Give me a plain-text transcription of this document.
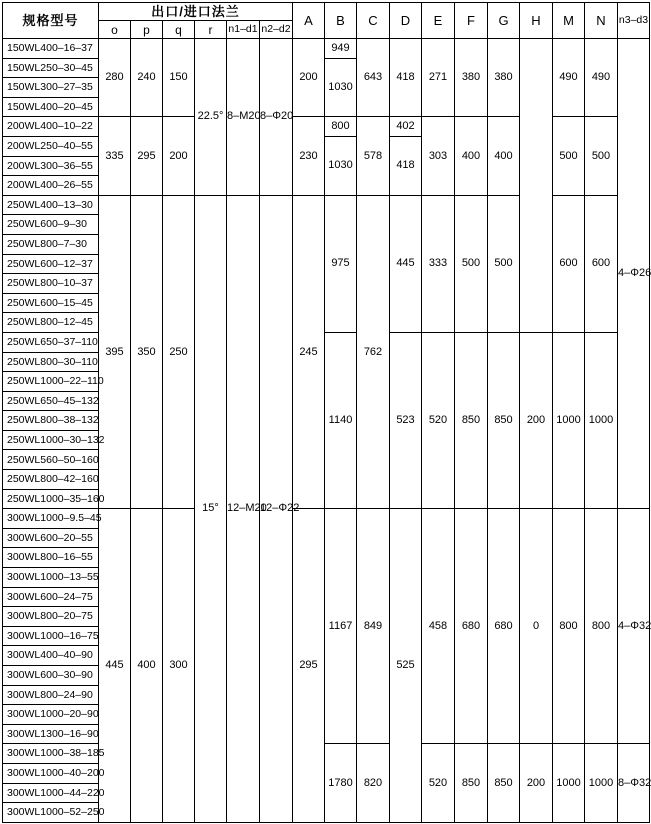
规格型号	出口/进口法兰						A	B	C	D	E	F	G	H	M	N	n3–d3
	o	p	q	r	n1–d1	n2–d2											
150WL400–16–37	280	240	150	22.5°	8–M20	8–Φ20	200	949	643	418	271	380	380		490	490	4–Φ26
150WL250–30–45								1030									
150WL300–27–35																	
150WL400–20–45																	
200WL400–10–22	335	295	200				230	800	578	402	303	400	400		500	500	
200WL250–40–55								1030		418							
200WL300–36–55																	
200WL400–26–55																	
250WL400–13–30	395	350	250	15°	12–M20	12–Φ22	245	975	762	445	333	500	500		600	600	
250WL600–9–30																	
250WL800–7–30																	
250WL600–12–37																	
250WL800–10–37																	
250WL600–15–45																	
250WL800–12–45																	
250WL650–37–110								1140		523	520	850	850	200	1000	1000	
250WL800–30–110																	
250WL1000–22–110																	
250WL650–45–132																	
250WL800–38–132																	
250WL1000–30–132																	
250WL560–50–160																	
250WL800–42–160																	
250WL1000–35–160																	
300WL1000–9.5–45	445	400	300				295	1167	849	525	458	680	680	0	800	800	4–Φ32
300WL600–20–55																	
300WL800–16–55																	
300WL1000–13–55																	
300WL600–24–75																	
300WL800–20–75																	
300WL1000–16–75																	
300WL400–40–90																	
300WL600–30–90																	
300WL800–24–90																	
300WL1000–20–90																	
300WL1300–16–90																	
300WL1000–38–185								1780	820		520	850	850	200	1000	1000	8–Φ32
300WL1000–40–200																	
300WL1000–44–220																	
300WL1000–52–250																	
